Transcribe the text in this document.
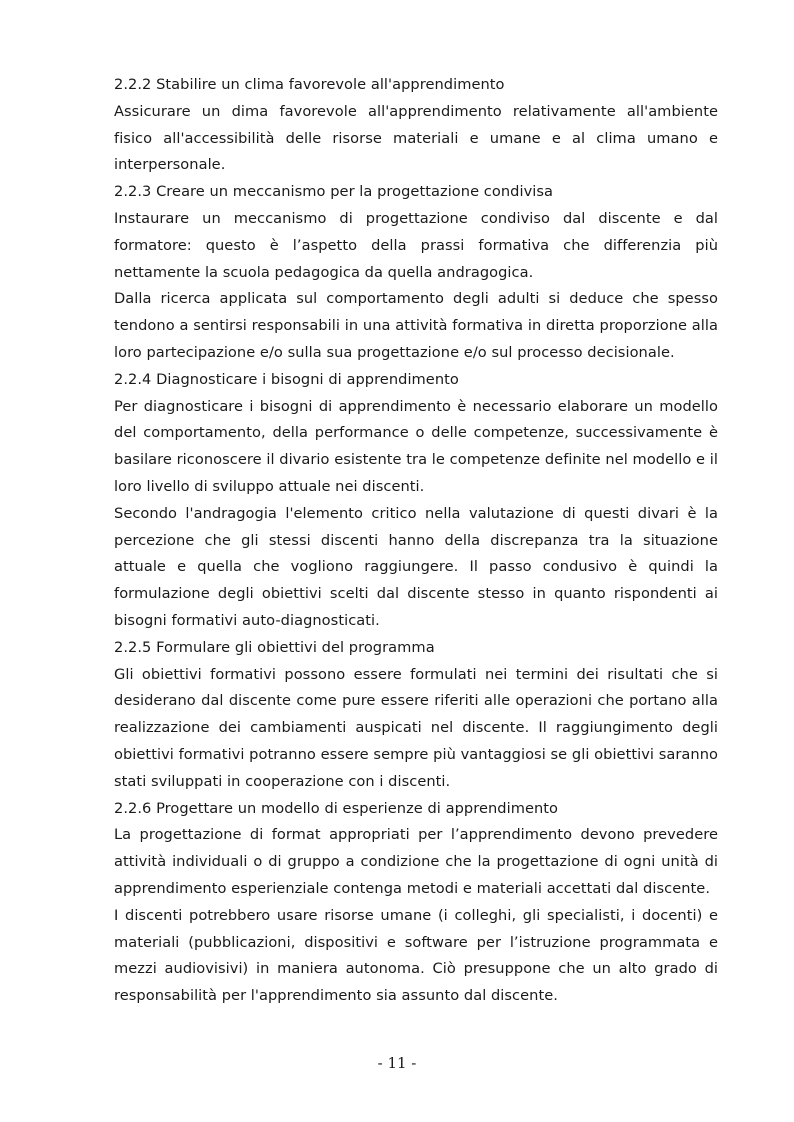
2.2.2 Stabilire un clima favorevole all'apprendimento

Assicurare un dima favorevole all'apprendimento relativamente all'ambiente fisico all'accessibilità delle risorse materiali e umane e al clima umano e interpersonale.

2.2.3 Creare un meccanismo per la progettazione condivisa

Instaurare un meccanismo di progettazione condiviso dal discente e dal formatore: questo è l’aspetto della prassi formativa che differenzia più nettamente la scuola pedagogica da quella andragogica.

Dalla ricerca applicata sul comportamento degli adulti si deduce che spesso tendono a sentirsi responsabili in una attività formativa in diretta proporzione alla loro partecipazione e/o sulla sua progettazione e/o sul processo decisionale.

2.2.4 Diagnosticare i bisogni di apprendimento

Per diagnosticare i bisogni di apprendimento è necessario elaborare un modello del comportamento, della performance o delle competenze, successivamente è basilare riconoscere il divario esistente tra le competenze definite nel modello e il loro livello di sviluppo attuale nei discenti.

Secondo l'andragogia l'elemento critico nella valutazione di questi divari è la percezione che gli stessi discenti hanno della discrepanza tra la situazione attuale e quella che vogliono raggiungere. Il passo condusivo è quindi la formulazione degli obiettivi scelti dal discente stesso in quanto rispondenti ai bisogni formativi auto-diagnosticati.

2.2.5 Formulare gli obiettivi del programma

Gli obiettivi formativi possono essere formulati nei termini dei risultati che si desiderano dal discente come pure essere riferiti alle operazioni che portano alla realizzazione dei cambiamenti auspicati nel discente. Il raggiungimento degli obiettivi formativi potranno essere sempre più vantaggiosi se gli obiettivi saranno stati sviluppati in cooperazione con i discenti.

2.2.6 Progettare un modello di esperienze di apprendimento

La progettazione di format appropriati per l’apprendimento devono prevedere attività individuali o di gruppo a condizione che la progettazione di ogni unità di apprendimento esperienziale contenga metodi e materiali accettati dal discente.

I discenti potrebbero usare risorse umane (i colleghi, gli specialisti, i docenti) e materiali (pubblicazioni, dispositivi e software per l’istruzione programmata e mezzi audiovisivi) in maniera autonoma. Ciò presuppone che un alto grado di responsabilità per l'apprendimento sia assunto dal discente.

- 11 -
